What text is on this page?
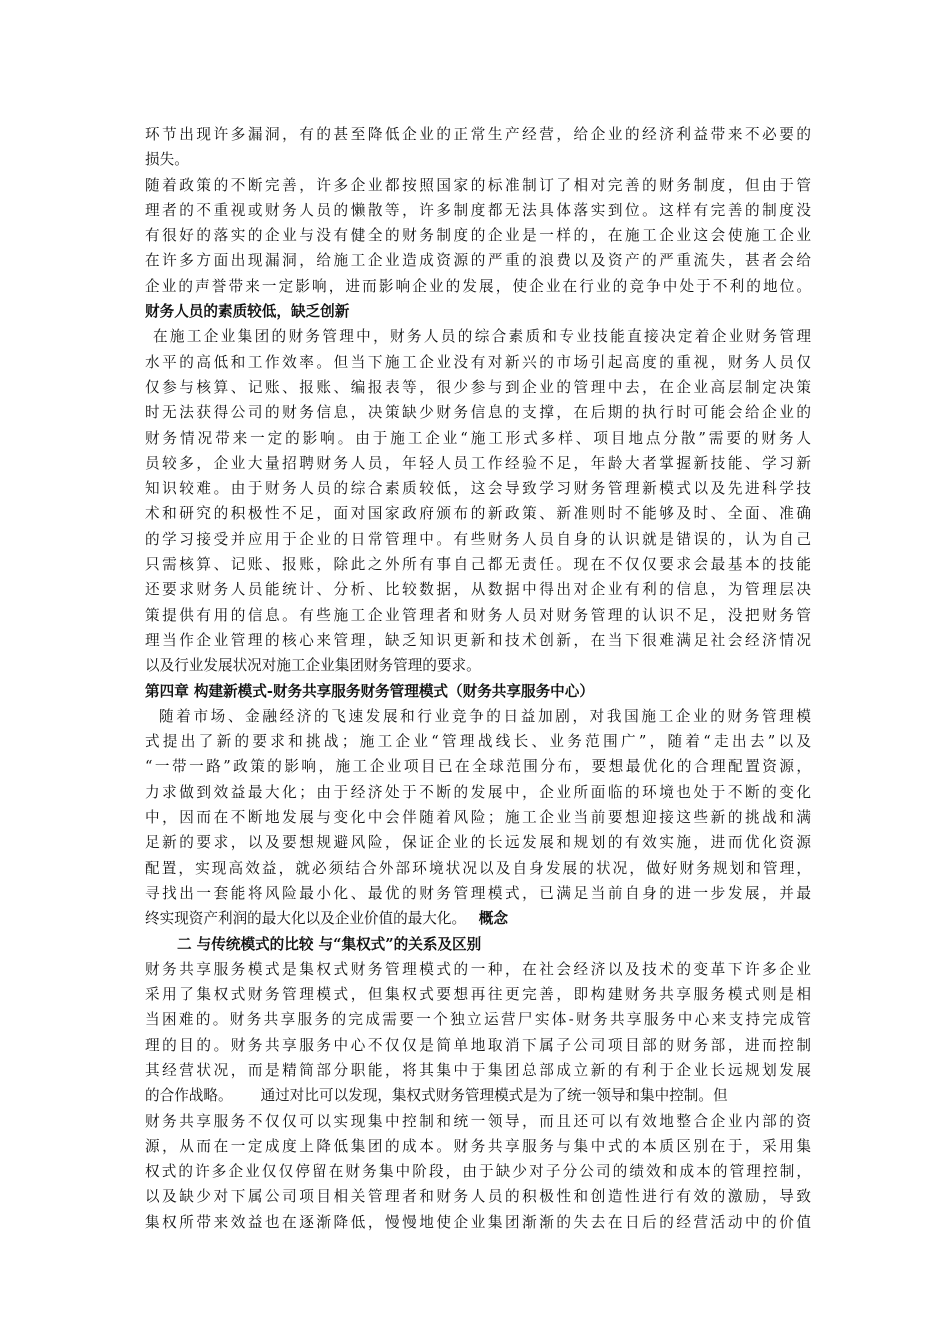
环节出现许多漏洞，有的甚至降低企业的正常生产经营，给企业的经济利益带来不必要的
损失。
随着政策的不断完善，许多企业都按照国家的标准制订了相对完善的财务制度，但由于管
理者的不重视或财务人员的懒散等，许多制度都无法具体落实到位。这样有完善的制度没
有很好的落实的企业与没有健全的财务制度的企业是一样的，在施工企业这会使施工企业
在许多方面出现漏洞，给施工企业造成资源的严重的浪费以及资产的严重流失，甚者会给
企业的声誉带来一定影响，进而影响企业的发展，使企业在行业的竞争中处于不利的地位。
财务人员的素质较低，缺乏创新
在施工企业集团的财务管理中，财务人员的综合素质和专业技能直接决定着企业财务管理
水平的高低和工作效率。但当下施工企业没有对新兴的市场引起高度的重视，财务人员仅
仅参与核算、记账、报账、编报表等，很少参与到企业的管理中去，在企业高层制定决策
时无法获得公司的财务信息，决策缺少财务信息的支撑，在后期的执行时可能会给企业的
财务情况带来一定的影响。由于施工企业“施工形式多样、项目地点分散”需要的财务人
员较多，企业大量招聘财务人员，年轻人员工作经验不足，年龄大者掌握新技能、学习新
知识较难。由于财务人员的综合素质较低，这会导致学习财务管理新模式以及先进科学技
术和研究的积极性不足，面对国家政府颁布的新政策、新准则时不能够及时、全面、准确
的学习接受并应用于企业的日常管理中。有些财务人员自身的认识就是错误的，认为自己
只需核算、记账、报账，除此之外所有事自己都无责任。现在不仅仅要求会最基本的技能
还要求财务人员能统计、分析、比较数据，从数据中得出对企业有利的信息，为管理层决
策提供有用的信息。有些施工企业管理者和财务人员对财务管理的认识不足，没把财务管
理当作企业管理的核心来管理，缺乏知识更新和技术创新，在当下很难满足社会经济情况
以及行业发展状况对施工企业集团财务管理的要求。
第四章 构建新模式-财务共享服务财务管理模式（财务共享服务中心）
随着市场、金融经济的飞速发展和行业竞争的日益加剧，对我国施工企业的财务管理模
式提出了新的要求和挑战；施工企业“管理战线长、业务范围广”，随着“走出去”以及
“一带一路”政策的影响，施工企业项目已在全球范围分布，要想最优化的合理配置资源，
力求做到效益最大化；由于经济处于不断的发展中，企业所面临的环境也处于不断的变化
中，因而在不断地发展与变化中会伴随着风险；施工企业当前要想迎接这些新的挑战和满
足新的要求，以及要想规避风险，保证企业的长远发展和规划的有效实施，进而优化资源
配置，实现高效益，就必须结合外部环境状况以及自身发展的状况，做好财务规划和管理，
寻找出一套能将风险最小化、最优的财务管理模式，已满足当前自身的进一步发展，并最
终实现资产利润的最大化以及企业价值的最大化。 概念
二 与传统模式的比较 与“集权式”的关系及区别
财务共享服务模式是集权式财务管理模式的一种，在社会经济以及技术的变革下许多企业
采用了集权式财务管理模式，但集权式要想再往更完善，即构建财务共享服务模式则是相
当困难的。财务共享服务的完成需要一个独立运营尸实体-财务共享服务中心来支持完成管
理的目的。财务共享服务中心不仅仅是简单地取消下属子公司项目部的财务部，进而控制
其经营状况，而是精简部分职能，将其集中于集团总部成立新的有利于企业长远规划发展
的合作战略。 通过对比可以发现，集权式财务管理模式是为了统一领导和集中控制。但
财务共享服务不仅仅可以实现集中控制和统一领导，而且还可以有效地整合企业内部的资
源，从而在一定成度上降低集团的成本。财务共享服务与集中式的本质区别在于，采用集
权式的许多企业仅仅停留在财务集中阶段，由于缺少对子分公司的绩效和成本的管理控制，
以及缺少对下属公司项目相关管理者和财务人员的积极性和创造性进行有效的激励，导致
集权所带来效益也在逐渐降低，慢慢地使企业集团渐渐的失去在日后的经营活动中的价值
